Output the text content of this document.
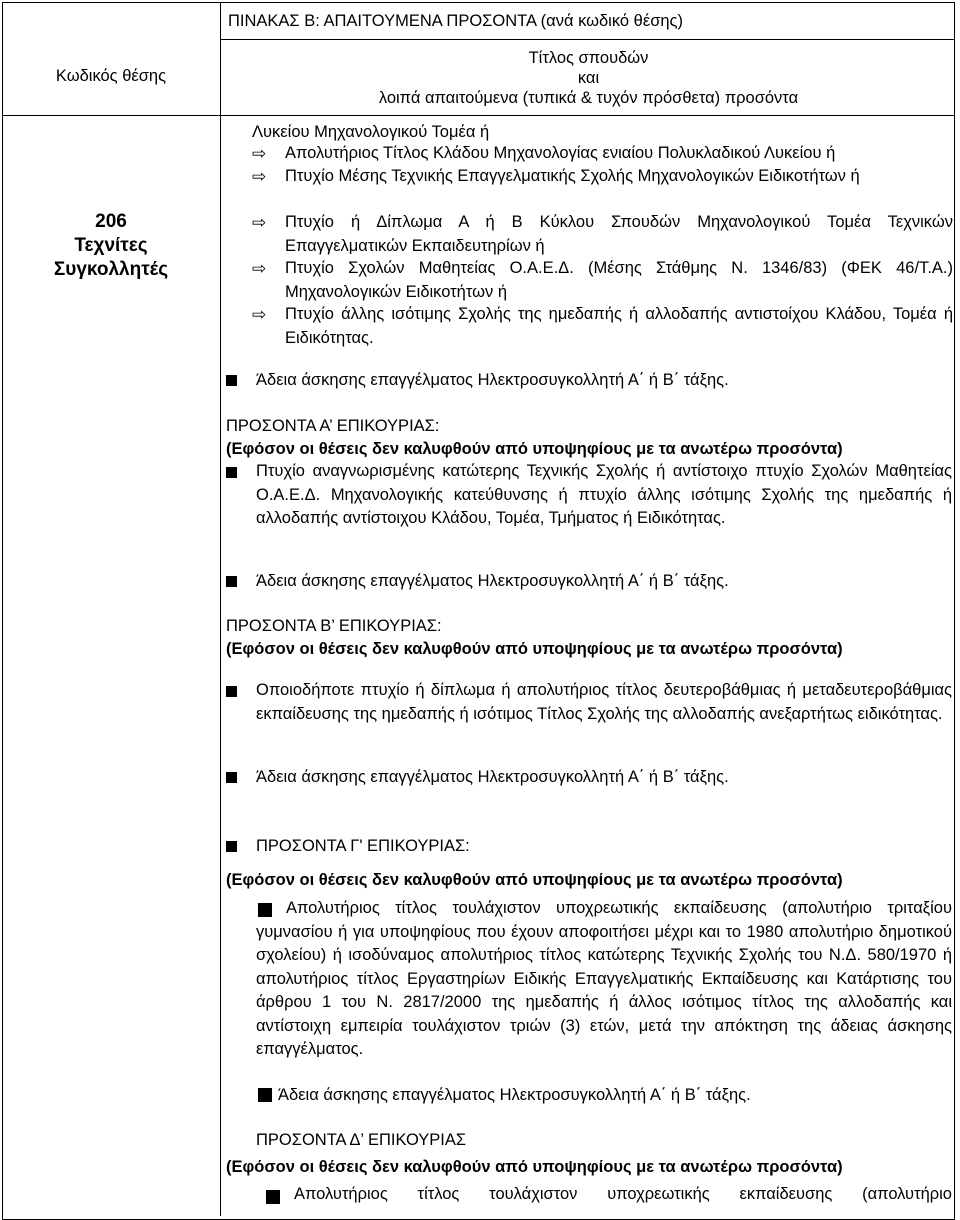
ΠΙΝΑΚΑΣ Β: ΑΠΑΙΤΟΥΜΕΝΑ ΠΡΟΣΟΝΤΑ (ανά κωδικό θέσης)
Κωδικός θέσης
Τίτλος σπουδών
και
λοιπά απαιτούμενα (τυπικά & τυχόν πρόσθετα) προσόντα
206
Τεχνίτες
Συγκολλητές
Λυκείου Μηχανολογικού Τομέα ή
⇨ Απολυτήριος Τίτλος Κλάδου Μηχανολογίας ενιαίου Πολυκλαδικού Λυκείου ή
⇨ Πτυχίο Μέσης Τεχνικής Επαγγελματικής Σχολής Μηχανολογικών Ειδικοτήτων ή
⇨ Πτυχίο ή Δίπλωμα Α ή Β Κύκλου Σπουδών Μηχανολογικού Τομέα Τεχνικών Επαγγελματικών Εκπαιδευτηρίων ή
⇨ Πτυχίο Σχολών Μαθητείας Ο.Α.Ε.Δ. (Μέσης Στάθμης Ν. 1346/83) (ΦΕΚ 46/Τ.Α.) Μηχανολογικών Ειδικοτήτων ή
⇨ Πτυχίο άλλης ισότιμης Σχολής της ημεδαπής ή αλλοδαπής αντιστοίχου Κλάδου, Τομέα ή Ειδικότητας.
Άδεια άσκησης επαγγέλματος Ηλεκτροσυγκολλητή Α΄ ή Β΄ τάξης.
ΠΡΟΣΟΝΤΑ Α’ ΕΠΙΚΟΥΡΙΑΣ:
(Εφόσον οι θέσεις δεν καλυφθούν από υποψηφίους με τα ανωτέρω προσόντα)
Πτυχίο αναγνωρισμένης κατώτερης Τεχνικής Σχολής ή αντίστοιχο πτυχίο Σχολών Μαθητείας Ο.Α.Ε.Δ. Μηχανολογικής κατεύθυνσης ή πτυχίο άλλης ισότιμης Σχολής της ημεδαπής ή αλλοδαπής αντίστοιχου Κλάδου, Τομέα, Τμήματος ή Ειδικότητας.
Άδεια άσκησης επαγγέλματος Ηλεκτροσυγκολλητή Α΄ ή Β΄ τάξης.
ΠΡΟΣΟΝΤΑ Β’ ΕΠΙΚΟΥΡΙΑΣ:
(Εφόσον οι θέσεις δεν καλυφθούν από υποψηφίους με τα ανωτέρω προσόντα)
Οποιοδήποτε πτυχίο ή δίπλωμα ή απολυτήριος τίτλος δευτεροβάθμιας ή μεταδευτεροβάθμιας εκπαίδευσης της ημεδαπής ή ισότιμος Τίτλος Σχολής της αλλοδαπής ανεξαρτήτως ειδικότητας.
Άδεια άσκησης επαγγέλματος Ηλεκτροσυγκολλητή Α΄ ή Β΄ τάξης.
ΠΡΟΣΟΝΤΑ Γ' ΕΠΙΚΟΥΡΙΑΣ:
(Εφόσον οι θέσεις δεν καλυφθούν από υποψηφίους με τα ανωτέρω προσόντα)
Απολυτήριος τίτλος τουλάχιστον υποχρεωτικής εκπαίδευσης (απολυτήριο τριταξίου γυμνασίου ή για υποψηφίους που έχουν αποφοιτήσει μέχρι και το 1980 απολυτήριο δημοτικού σχολείου) ή ισοδύναμος απολυτήριος τίτλος κατώτερης Τεχνικής Σχολής του Ν.Δ. 580/1970 ή απολυτήριος τίτλος Εργαστηρίων Ειδικής Επαγγελματικής Εκπαίδευσης και Κατάρτισης του άρθρου 1 του Ν. 2817/2000 της ημεδαπής ή άλλος ισότιμος τίτλος της αλλοδαπής και αντίστοιχη εμπειρία τουλάχιστον τριών (3) ετών, μετά την απόκτηση της άδειας άσκησης επαγγέλματος.
Άδεια άσκησης επαγγέλματος Ηλεκτροσυγκολλητή Α΄ ή Β΄ τάξης.
ΠΡΟΣΟΝΤΑ Δ’ ΕΠΙΚΟΥΡΙΑΣ
(Εφόσον οι θέσεις δεν καλυφθούν από υποψηφίους με τα ανωτέρω προσόντα)
Απολυτήριος τίτλος τουλάχιστον υποχρεωτικής εκπαίδευσης (απολυτήριο
